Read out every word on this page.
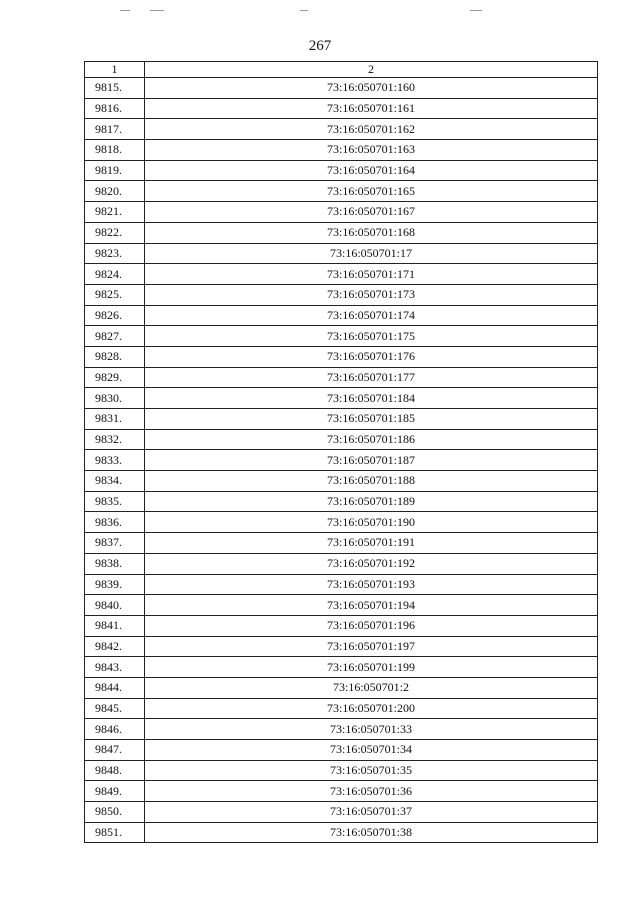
267
1	2
9815.	73:16:050701:160
9816.	73:16:050701:161
9817.	73:16:050701:162
9818.	73:16:050701:163
9819.	73:16:050701:164
9820.	73:16:050701:165
9821.	73:16:050701:167
9822.	73:16:050701:168
9823.	73:16:050701:17
9824.	73:16:050701:171
9825.	73:16:050701:173
9826.	73:16:050701:174
9827.	73:16:050701:175
9828.	73:16:050701:176
9829.	73:16:050701:177
9830.	73:16:050701:184
9831.	73:16:050701:185
9832.	73:16:050701:186
9833.	73:16:050701:187
9834.	73:16:050701:188
9835.	73:16:050701:189
9836.	73:16:050701:190
9837.	73:16:050701:191
9838.	73:16:050701:192
9839.	73:16:050701:193
9840.	73:16:050701:194
9841.	73:16:050701:196
9842.	73:16:050701:197
9843.	73:16:050701:199
9844.	73:16:050701:2
9845.	73:16:050701:200
9846.	73:16:050701:33
9847.	73:16:050701:34
9848.	73:16:050701:35
9849.	73:16:050701:36
9850.	73:16:050701:37
9851.	73:16:050701:38
